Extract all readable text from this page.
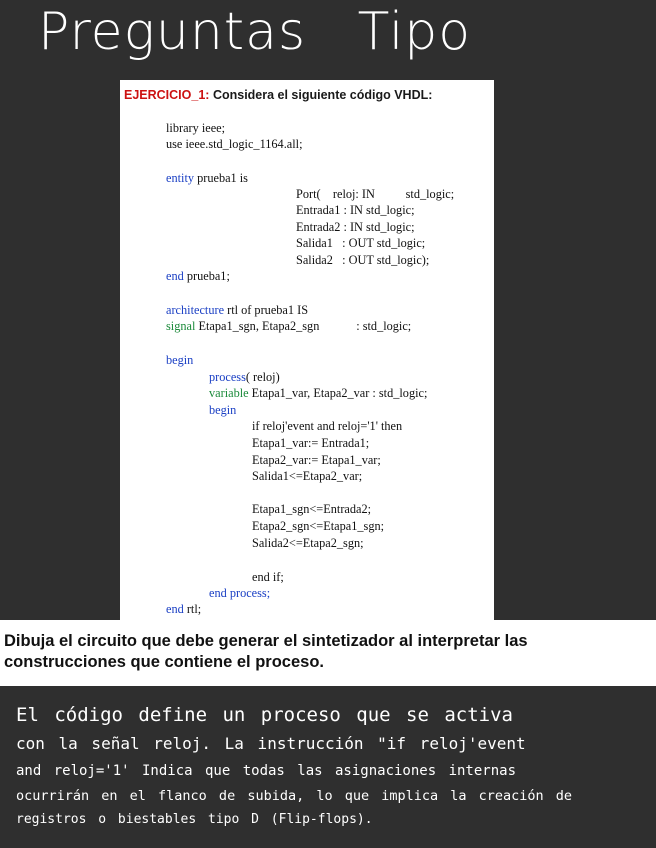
Preguntas Tipo
EJERCICIO_1: Considera el siguiente código VHDL:
library ieee;
use ieee.std_logic_1164.all;
entity prueba1 is
Port(    reloj: IN          std_logic;
Entrada1 : IN std_logic;
Entrada2 : IN std_logic;
Salida1   : OUT std_logic;
Salida2   : OUT std_logic);
end prueba1;
architecture rtl of prueba1 IS
signal Etapa1_sgn, Etapa2_sgn            : std_logic;
begin
process( reloj)
variable Etapa1_var, Etapa2_var : std_logic;
begin
if reloj'event and reloj='1' then
Etapa1_var:= Entrada1;
Etapa2_var:= Etapa1_var;
Salida1<=Etapa2_var;
Etapa1_sgn<=Entrada2;
Etapa2_sgn<=Etapa1_sgn;
Salida2<=Etapa2_sgn;
end if;
end process;
end rtl;
Dibuja el circuito que debe generar el sintetizador al interpretar las construcciones que contiene el proceso.
El código define un proceso que se activa
con la señal reloj. La instrucción "if reloj'event
and reloj='1' Indica que todas las asignaciones internas
ocurrirán en el flanco de subida, lo que implica la creación de
registros o biestables tipo D (Flip-flops).
